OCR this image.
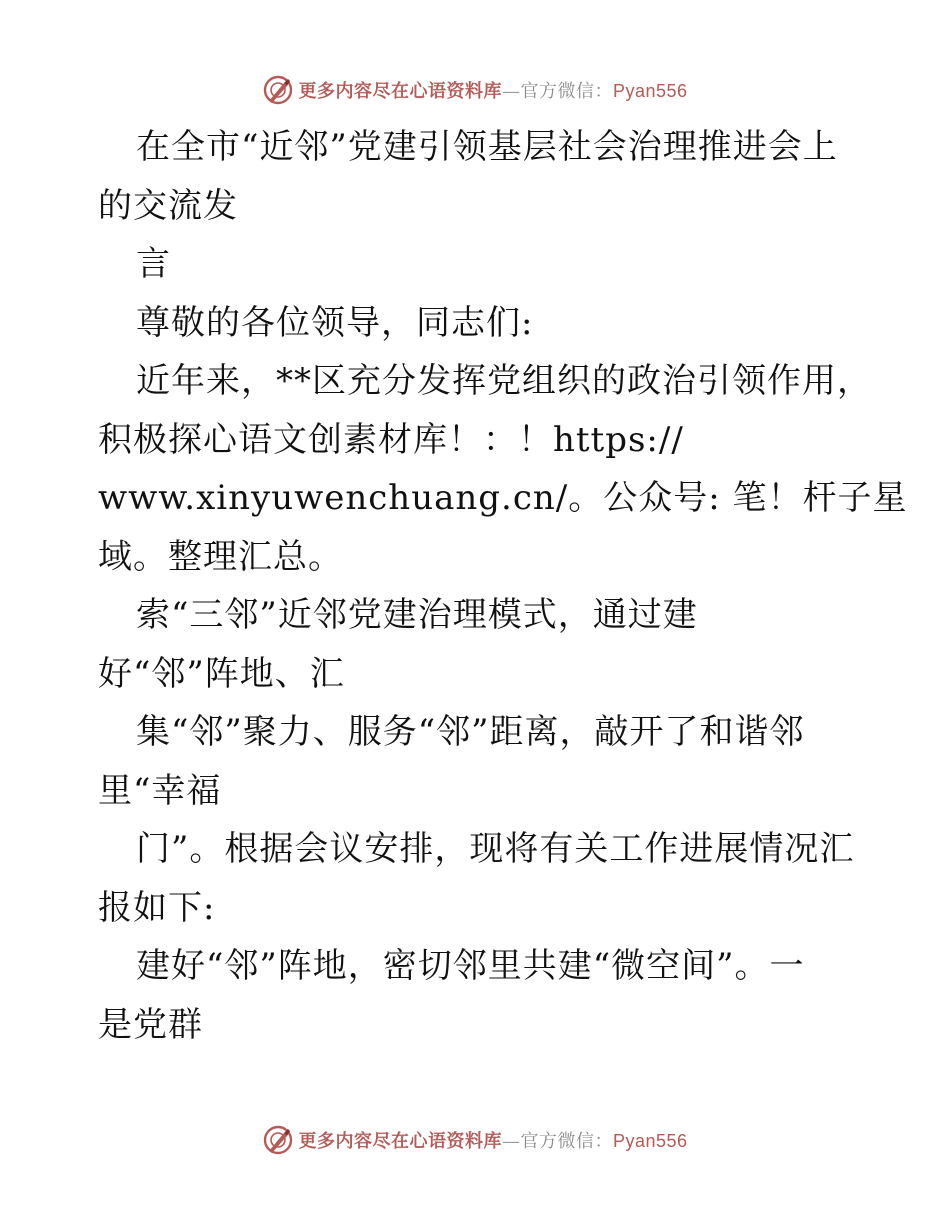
更多内容尽在心语资料库—官方微信：Pyan556
在全市“近邻”党建引领基层社会治理推进会上
的交流发
言
尊敬的各位领导，同志们:
近年来，**区充分发挥党组织的政治引领作用，
积极探心语文创素材库！：！https://
www.xinyuwenchuang.cn/。公众号: 笔！杆子星
域。整理汇总。
索“三邻”近邻党建治理模式，通过建
好“邻”阵地、汇
集“邻”聚力、服务“邻”距离，敲开了和谐邻
里“幸福
门”。根据会议安排，现将有关工作进展情况汇
报如下:
建好“邻”阵地，密切邻里共建“微空间”。一
是党群
更多内容尽在心语资料库—官方微信：Pyan556
